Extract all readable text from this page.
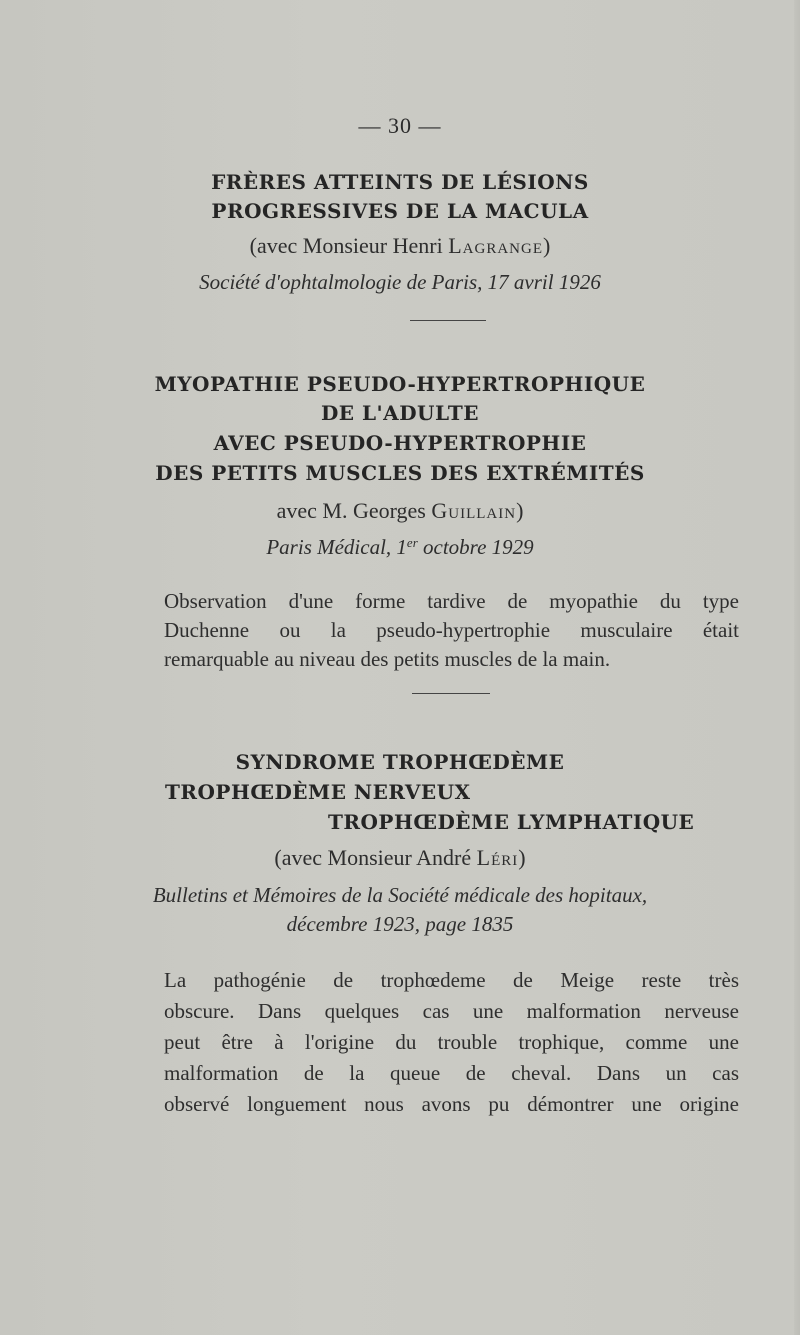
— 30 —
FRÈRES ATTEINTS DE LÉSIONS
PROGRESSIVES DE LA MACULA
(avec Monsieur Henri Lagrange)
Société d'ophtalmologie de Paris, 17 avril 1926
MYOPATHIE PSEUDO-HYPERTROPHIQUE
DE L'ADULTE
AVEC PSEUDO-HYPERTROPHIE
DES PETITS MUSCLES DES EXTRÉMITÉS
avec M. Georges Guillain)
Paris Médical, 1er octobre 1929
Observation d'une forme tardive de myopathie du type
Duchenne ou la pseudo-hypertrophie musculaire était
remarquable au niveau des petits muscles de la main.
SYNDROME TROPHŒDÈME
TROPHŒDÈME NERVEUX
TROPHŒDÈME LYMPHATIQUE
(avec Monsieur André Léri)
Bulletins et Mémoires de la Société médicale des hopitaux,
décembre 1923, page 1835
La pathogénie de trophœdeme de Meige reste très
obscure. Dans quelques cas une malformation nerveuse
peut être à l'origine du trouble trophique, comme une
malformation de la queue de cheval. Dans un cas
observé longuement nous avons pu démontrer une origine
